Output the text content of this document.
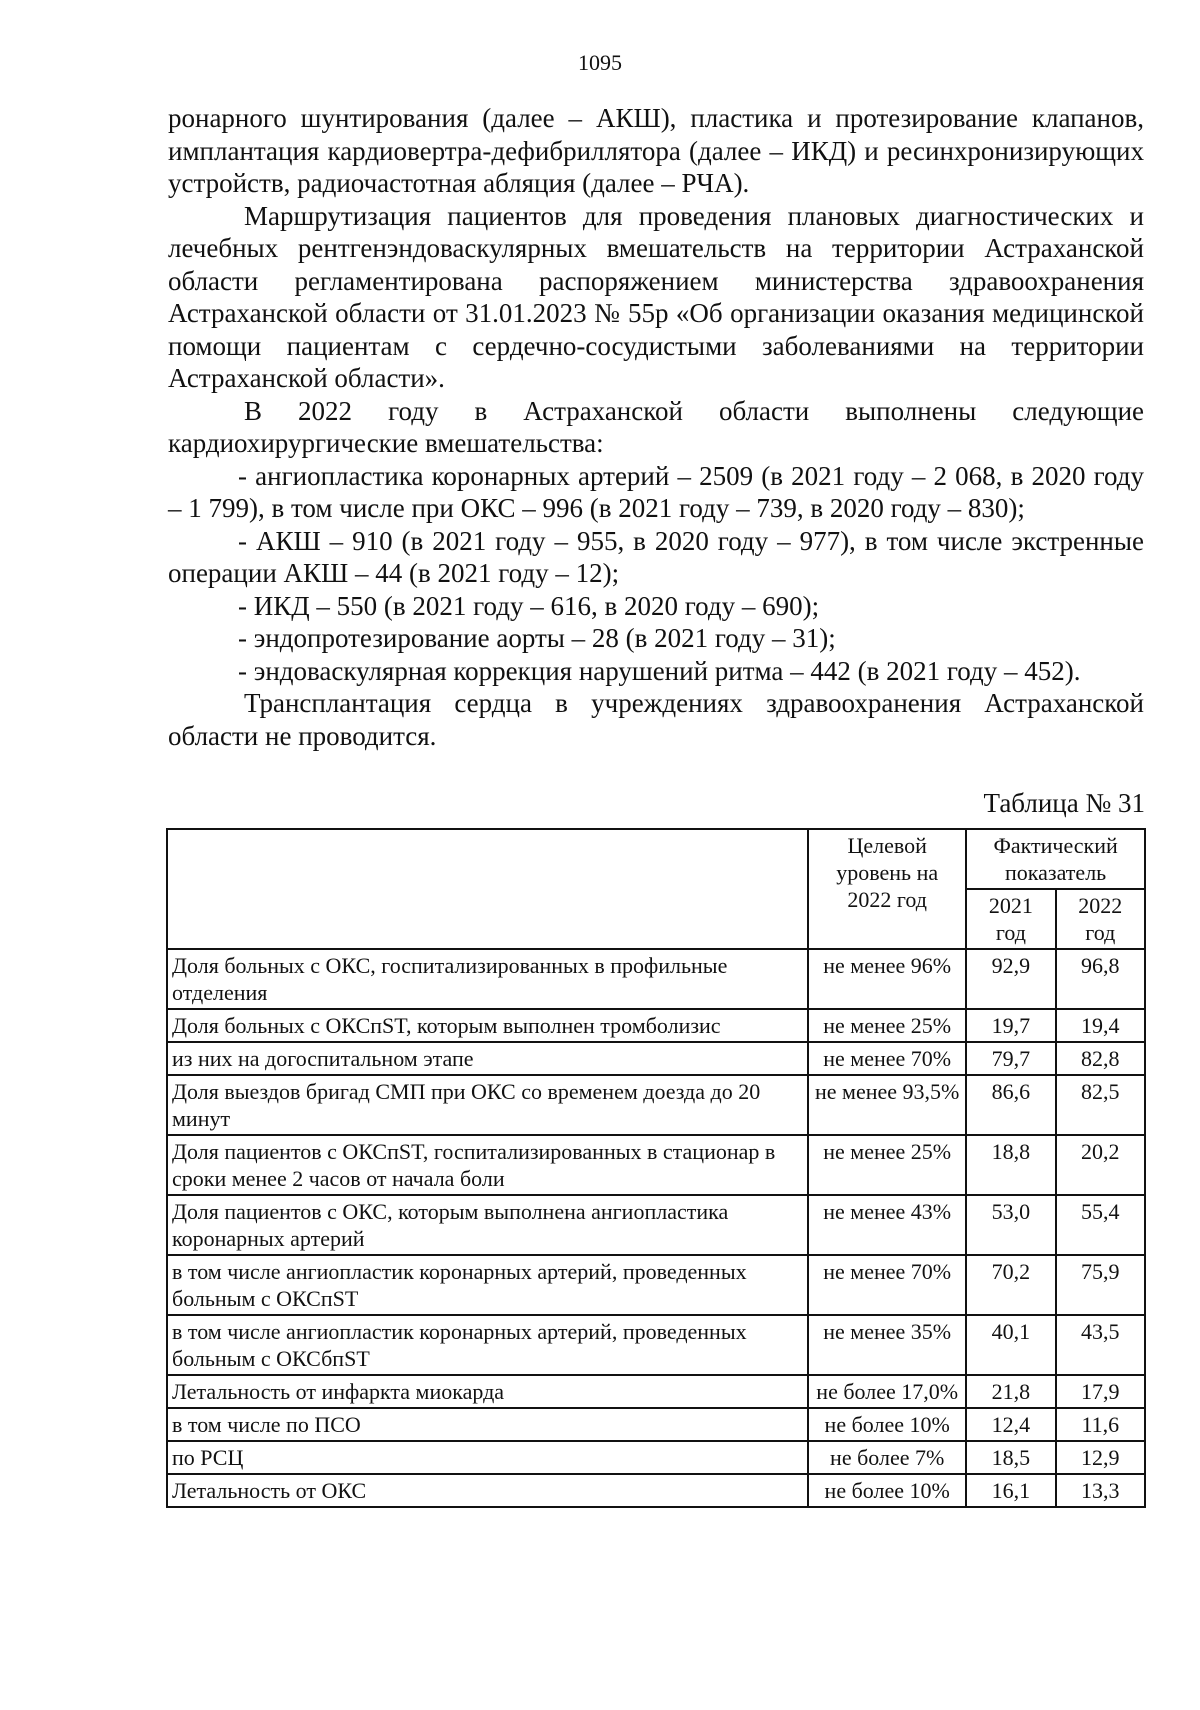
1095

ронарного шунтирования (далее – АКШ), пластика и протезирование клапанов, имплантация кардиовертра-дефибриллятора (далее – ИКД) и ресинхронизирующих устройств, радиочастотная абляция (далее – РЧА).

Маршрутизация пациентов для проведения плановых диагностических и лечебных рентгенэндоваскулярных вмешательств на территории Астраханской области регламентирована распоряжением министерства здравоохранения Астраханской области от 31.01.2023 № 55р «Об организации оказания медицинской помощи пациентам с сердечно-сосудистыми заболеваниями на территории Астраханской области».

В 2022 году в Астраханской области выполнены следующие кардиохирургические вмешательства:

- ангиопластика коронарных артерий – 2509 (в 2021 году – 2 068, в 2020 году – 1 799), в том числе при ОКС – 996 (в 2021 году – 739, в 2020 году – 830);

- АКШ – 910 (в 2021 году – 955, в 2020 году – 977), в том числе экстренные операции АКШ – 44 (в 2021 году – 12);

- ИКД – 550 (в 2021 году – 616, в 2020 году – 690);

- эндопротезирование аорты – 28 (в 2021 году – 31);

- эндоваскулярная коррекция нарушений ритма – 442 (в 2021 году – 452).

Трансплантация сердца в учреждениях здравоохранения Астраханской области не проводится.

Таблица № 31
	Целевой уровень на 2022 год	Фактический показатель	
		2021 год	2022 год
Доля больных с ОКС, госпитализированных в профильные отделения	не менее 96%	92,9	96,8
Доля больных с ОКСпST, которым выполнен тромболизис	не менее 25%	19,7	19,4
из них на догоспитальном этапе	не менее 70%	79,7	82,8
Доля выездов бригад СМП при ОКС со временем доезда до 20 минут	не менее 93,5%	86,6	82,5
Доля пациентов с ОКСпST, госпитализированных в стационар в сроки менее 2 часов от начала боли	не менее 25%	18,8	20,2
Доля пациентов с ОКС, которым выполнена ангиопластика коронарных артерий	не менее 43%	53,0	55,4
в том числе ангиопластик коронарных артерий, проведенных больным с ОКСпST	не менее 70%	70,2	75,9
в том числе ангиопластик коронарных артерий, проведенных больным с ОКСбпST	не менее 35%	40,1	43,5
Летальность от инфаркта миокарда	не более 17,0%	21,8	17,9
в том числе по ПСО	не более 10%	12,4	11,6
по РСЦ	не более 7%	18,5	12,9
Летальность от ОКС	не более 10%	16,1	13,3
